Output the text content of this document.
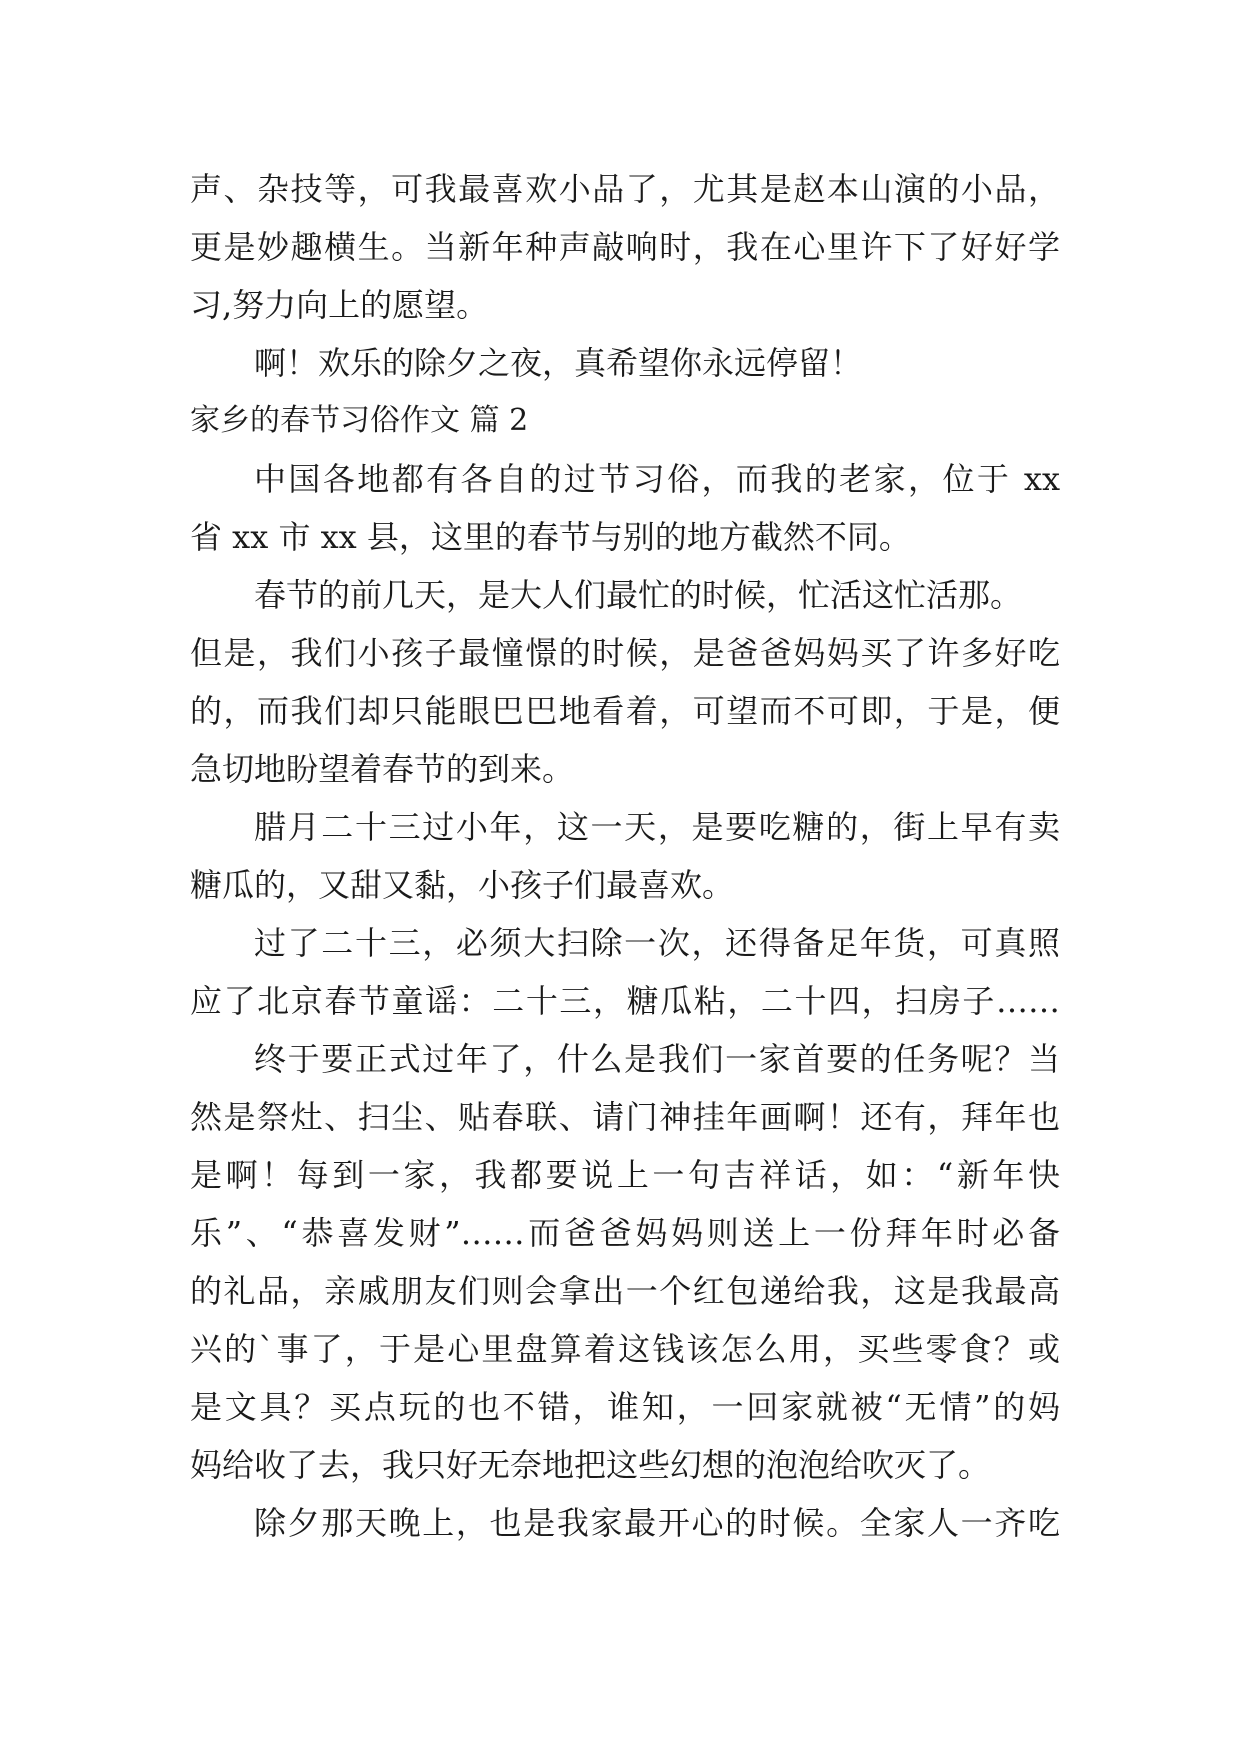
声、杂技等，可我最喜欢小品了，尤其是赵本山演的小品，
更是妙趣横生。当新年种声敲响时，我在心里许下了好好学
习,努力向上的愿望。
啊！欢乐的除夕之夜，真希望你永远停留！
家乡的春节习俗作文 篇 2
中国各地都有各自的过节习俗，而我的老家，位于 xx
省 xx 市 xx 县，这里的春节与别的地方截然不同。
春节的前几天，是大人们最忙的时候，忙活这忙活那。
但是，我们小孩子最憧憬的时候，是爸爸妈妈买了许多好吃
的，而我们却只能眼巴巴地看着，可望而不可即，于是，便
急切地盼望着春节的到来。
腊月二十三过小年，这一天，是要吃糖的，街上早有卖
糖瓜的，又甜又黏，小孩子们最喜欢。
过了二十三，必须大扫除一次，还得备足年货，可真照
应了北京春节童谣：二十三，糖瓜粘，二十四，扫房子……
终于要正式过年了，什么是我们一家首要的任务呢？当
然是祭灶、扫尘、贴春联、请门神挂年画啊！还有，拜年也
是啊！每到一家，我都要说上一句吉祥话，如：“新年快
乐”、“恭喜发财”……而爸爸妈妈则送上一份拜年时必备
的礼品，亲戚朋友们则会拿出一个红包递给我，这是我最高
兴的`事了，于是心里盘算着这钱该怎么用，买些零食？或
是文具？买点玩的也不错，谁知，一回家就被“无情”的妈
妈给收了去，我只好无奈地把这些幻想的泡泡给吹灭了。
除夕那天晚上，也是我家最开心的时候。全家人一齐吃
